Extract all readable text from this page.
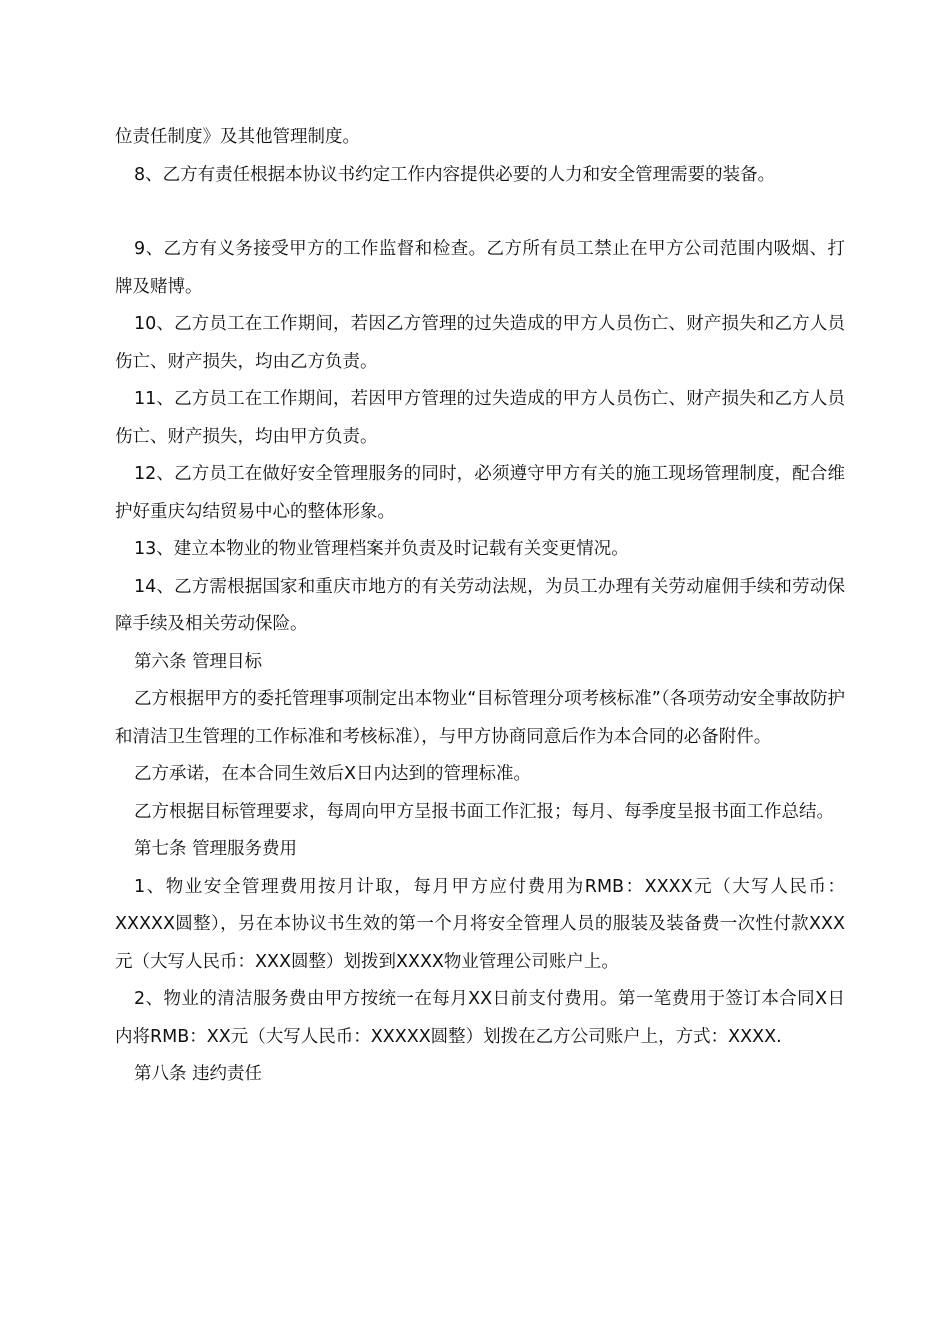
位责任制度》及其他管理制度。

8、乙方有责任根据本协议书约定工作内容提供必要的人力和安全管理需要的装备。

9、乙方有义务接受甲方的工作监督和检查。乙方所有员工禁止在甲方公司范围内吸烟、打牌及赌博。

10、乙方员工在工作期间，若因乙方管理的过失造成的甲方人员伤亡、财产损失和乙方人员伤亡、财产损失，均由乙方负责。

11、乙方员工在工作期间，若因甲方管理的过失造成的甲方人员伤亡、财产损失和乙方人员伤亡、财产损失，均由甲方负责。

12、乙方员工在做好安全管理服务的同时，必须遵守甲方有关的施工现场管理制度，配合维护好重庆勾结贸易中心的整体形象。

13、建立本物业的物业管理档案并负责及时记载有关变更情况。

14、乙方需根据国家和重庆市地方的有关劳动法规，为员工办理有关劳动雇佣手续和劳动保障手续及相关劳动保险。

第六条 管理目标

乙方根据甲方的委托管理事项制定出本物业“目标管理分项考核标准”（各项劳动安全事故防护和清洁卫生管理的工作标准和考核标准），与甲方协商同意后作为本合同的必备附件。

乙方承诺，在本合同生效后X日内达到的管理标准。

乙方根据目标管理要求，每周向甲方呈报书面工作汇报；每月、每季度呈报书面工作总结。

第七条 管理服务费用

1、物业安全管理费用按月计取，每月甲方应付费用为RMB：XXXX元（大写人民币：XXXXX圆整），另在本协议书生效的第一个月将安全管理人员的服装及装备费一次性付款XXX元（大写人民币：XXX圆整）划拨到XXXX物业管理公司账户上。

2、物业的清洁服务费由甲方按统一在每月XX日前支付费用。第一笔费用于签订本合同X日内将RMB：XX元（大写人民币：XXXXX圆整）划拨在乙方公司账户上，方式：XXXX.

第八条 违约责任
